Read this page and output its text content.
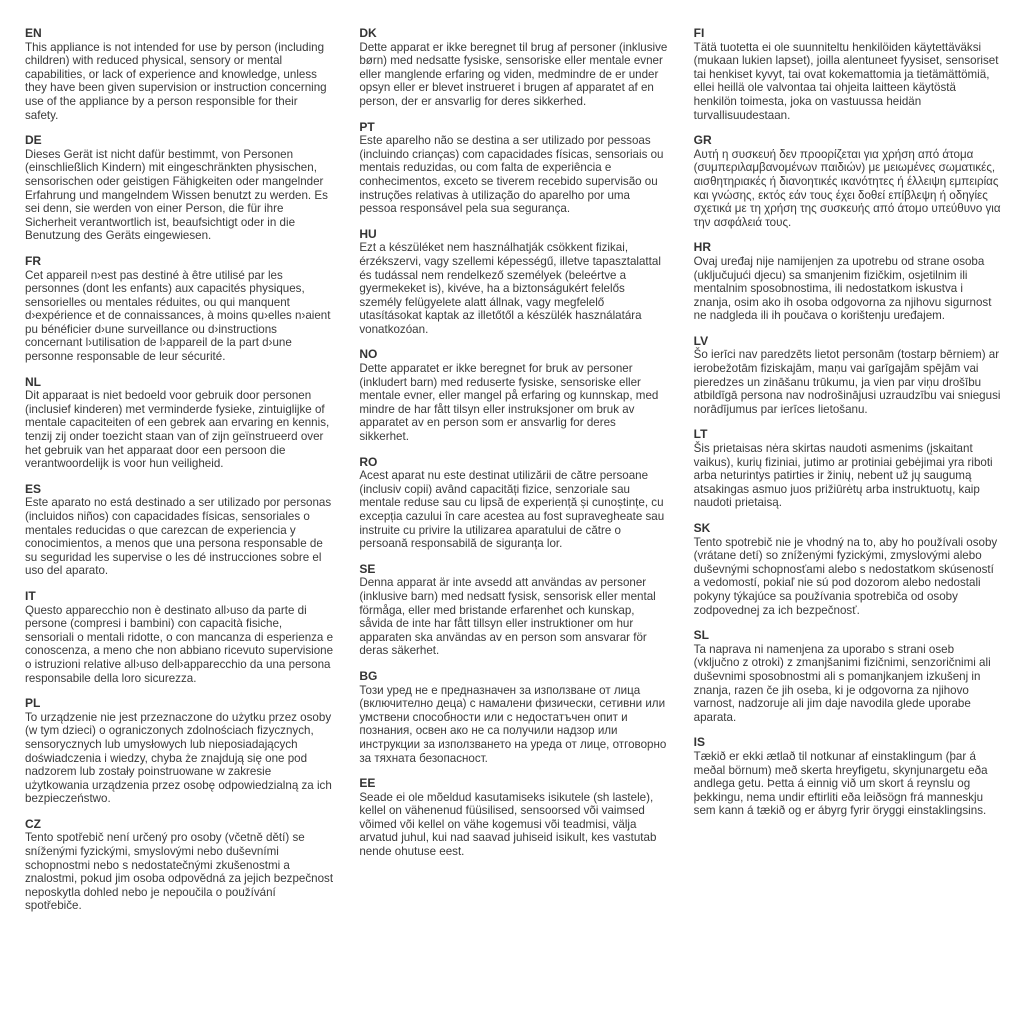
EN

This appliance is not intended for use by person (including children) with reduced physical, sensory or mental capabilities, or lack of experience and knowledge, unless they have been given supervision or instruction concerning use of the appliance by a person responsible for their safety.

DE

Dieses Gerät ist nicht dafür bestimmt, von Personen (einschließlich Kindern) mit eingeschränkten physischen, sensorischen oder geistigen Fähigkeiten oder mangelnder Erfahrung und mangelndem Wissen benutzt zu werden. Es sei denn, sie werden von einer Person, die für ihre Sicherheit verantwortlich ist, beaufsichtigt oder in die Benutzung des Geräts eingewiesen.

FR

Cet appareil n›est pas destiné à être utilisé par les personnes (dont les enfants) aux capacités physiques, sensorielles ou mentales réduites, ou qui manquent d›expérience et de connaissances, à moins qu›elles n›aient pu bénéficier d›une surveillance ou d›instructions concernant l›utilisation de l›appareil de la part d›une personne responsable de leur sécurité.

NL

Dit apparaat is niet bedoeld voor gebruik door personen (inclusief kinderen) met verminderde fysieke, zintuiglijke of mentale capaciteiten of een gebrek aan ervaring en kennis, tenzij zij onder toezicht staan van of zijn geïnstrueerd over het gebruik van het apparaat door een persoon die verantwoordelijk is voor hun veiligheid.

ES

Este aparato no está destinado a ser utilizado por personas (incluidos niños) con capacidades físicas, sensoriales o mentales reducidas o que carezcan de experiencia y conocimientos, a menos que una persona responsable de su seguridad les supervise o les dé instrucciones sobre el uso del aparato.

IT

Questo apparecchio non è destinato all›uso da parte di persone (compresi i bambini) con capacità fisiche, sensoriali o mentali ridotte, o con mancanza di esperienza e conoscenza, a meno che non abbiano ricevuto supervisione o istruzioni relative all›uso dell›apparecchio da una persona responsabile della loro sicurezza.

PL

To urządzenie nie jest przeznaczone do użytku przez osoby (w tym dzieci) o ograniczonych zdolnościach fizycznych, sensorycznych lub umysłowych lub nieposiadających doświadczenia i wiedzy, chyba że znajdują się one pod nadzorem lub zostały poinstruowane w zakresie użytkowania urządzenia przez osobę odpowiedzialną za ich bezpieczeństwo.

CZ

Tento spotřebič není určený pro osoby (včetně dětí) se sníženými fyzickými, smyslovými nebo duševními schopnostmi nebo s nedostatečnými zkušenostmi a znalostmi, pokud jim osoba odpovědná za jejich bezpečnost neposkytla dohled nebo je nepoučila o používání spotřebiče.

DK

Dette apparat er ikke beregnet til brug af personer (inklusive børn) med nedsatte fysiske, sensoriske eller mentale evner eller manglende erfaring og viden, medmindre de er under opsyn eller er blevet instrueret i brugen af apparatet af en person, der er ansvarlig for deres sikkerhed.

PT

Este aparelho não se destina a ser utilizado por pessoas (incluindo crianças) com capacidades físicas, sensoriais ou mentais reduzidas, ou com falta de experiência e conhecimentos, exceto se tiverem recebido supervisão ou instruções relativas à utilização do aparelho por uma pessoa responsável pela sua segurança.

HU

Ezt a készüléket nem használhatják csökkent fizikai, érzékszervi, vagy szellemi képességű, illetve tapasztalattal és tudással nem rendelkező személyek (beleértve a gyermekeket is), kivéve, ha a biztonságukért felelős személy felügyelete alatt állnak, vagy megfelelő utasításokat kaptak az illetőtől a készülék használatára vonatkozóan.

NO

Dette apparatet er ikke beregnet for bruk av personer (inkludert barn) med reduserte fysiske, sensoriske eller mentale evner, eller mangel på erfaring og kunnskap, med mindre de har fått tilsyn eller instruksjoner om bruk av apparatet av en person som er ansvarlig for deres sikkerhet.

RO

Acest aparat nu este destinat utilizării de către persoane (inclusiv copii) având capacități fizice, senzoriale sau mentale reduse sau cu lipsă de experiență și cunoștințe, cu excepția cazului în care acestea au fost supravegheate sau instruite cu privire la utilizarea aparatului de către o persoană responsabilă de siguranța lor.

SE

Denna apparat är inte avsedd att användas av personer (inklusive barn) med nedsatt fysisk, sensorisk eller mental förmåga, eller med bristande erfarenhet och kunskap, såvida de inte har fått tillsyn eller instruktioner om hur apparaten ska användas av en person som ansvarar för deras säkerhet.

BG

Този уред не е предназначен за използване от лица (включително деца) с намалени физически, сетивни или умствени способности или с недостатъчен опит и познания, освен ако не са получили надзор или инструкции за използването на уреда от лице, отговорно за тяхната безопасност.

EE

Seade ei ole mõeldud kasutamiseks isikutele (sh lastele), kellel on vähenenud füüsilised, sensoorsed või vaimsed võimed või kellel on vähe kogemusi või teadmisi, välja arvatud juhul, kui nad saavad juhiseid isikult, kes vastutab nende ohutuse eest.

FI

Tätä tuotetta ei ole suunniteltu henkilöiden käytettäväksi (mukaan lukien lapset), joilla alentuneet fyysiset, sensoriset tai henkiset kyvyt, tai ovat kokemattomia ja tietämättömiä, ellei heillä ole valvontaa tai ohjeita laitteen käytöstä henkilön toimesta, joka on vastuussa heidän turvallisuudestaan.

GR

Αυτή η συσκευή δεν προορίζεται για χρήση από άτομα (συμπεριλαμβανομένων παιδιών) με μειωμένες σωματικές, αισθητηριακές ή διανοητικές ικανότητες ή έλλειψη εμπειρίας και γνώσης, εκτός εάν τους έχει δοθεί επίβλεψη ή οδηγίες σχετικά με τη χρήση της συσκευής από άτομο υπεύθυνο για την ασφάλειά τους.

HR

Ovaj uređaj nije namijenjen za upotrebu od strane osoba (uključujući djecu) sa smanjenim fizičkim, osjetilnim ili mentalnim sposobnostima, ili nedostatkom iskustva i znanja, osim ako ih osoba odgovorna za njihovu sigurnost ne nadgleda ili ih poučava o korištenju uređajem.

LV

Šo ierīci nav paredzēts lietot personām (tostarp bērniem) ar ierobežotām fiziskajām, maņu vai garīgajām spējām vai pieredzes un zināšanu trūkumu, ja vien par viņu drošību atbildīgā persona nav nodrošinājusi uzraudzību vai sniegusi norādījumus par ierīces lietošanu.

LT

Šis prietaisas nėra skirtas naudoti asmenims (įskaitant vaikus), kurių fiziniai, jutimo ar protiniai gebėjimai yra riboti arba neturintys patirties ir žinių, nebent už jų saugumą atsakingas asmuo juos prižiūrėtų arba instruktuotų, kaip naudoti prietaisą.

SK

Tento spotrebič nie je vhodný na to, aby ho používali osoby (vrátane detí) so zníženými fyzickými, zmyslovými alebo duševnými schopnosťami alebo s nedostatkom skúseností a vedomostí, pokiaľ nie sú pod dozorom alebo nedostali pokyny týkajúce sa používania spotrebiča od osoby zodpovednej za ich bezpečnosť.

SL

Ta naprava ni namenjena za uporabo s strani oseb (vključno z otroki) z zmanjšanimi fizičnimi, senzoričnimi ali duševnimi sposobnostmi ali s pomanjkanjem izkušenj in znanja, razen če jih oseba, ki je odgovorna za njihovo varnost, nadzoruje ali jim daje navodila glede uporabe aparata.

IS

Tækið er ekki ætlað til notkunar af einstaklingum (þar á meðal börnum) með skerta hreyfigetu, skynjunargetu eða andlega getu. Þetta á einnig við um skort á reynslu og þekkingu, nema undir eftirliti eða leiðsögn frá manneskju sem kann á tækið og er ábyrg fyrir öryggi einstaklingsins.
